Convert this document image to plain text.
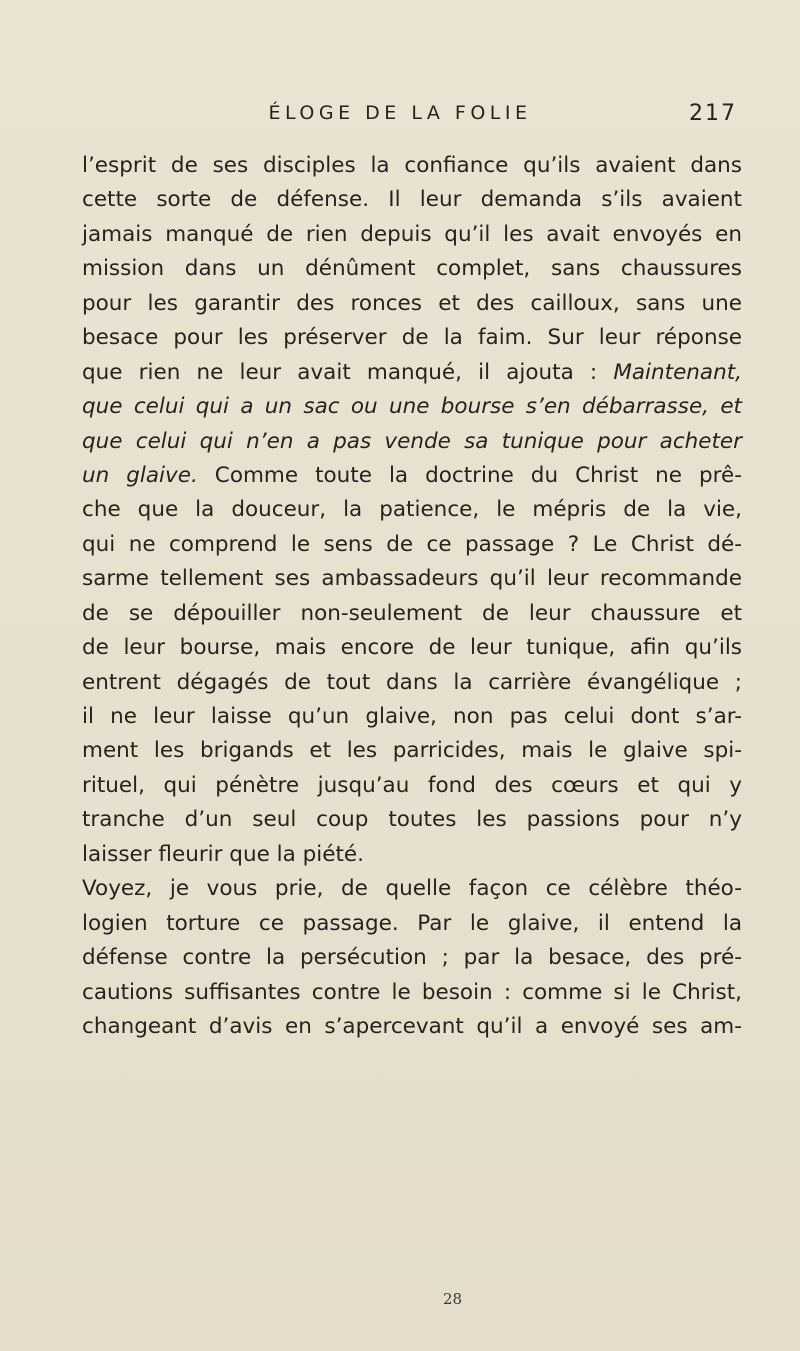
ÉLOGE DE LA FOLIE	217
l’esprit de ses disciples la confiance qu’ils avaient dans
cette sorte de défense. Il leur demanda s’ils avaient
jamais manqué de rien depuis qu’il les avait envoyés en
mission dans un dénûment complet, sans chaussures
pour les garantir des ronces et des cailloux, sans une
besace pour les préserver de la faim. Sur leur réponse
que rien ne leur avait manqué, il ajouta : Maintenant,
que celui qui a un sac ou une bourse s’en débarrasse, et
que celui qui n’en a pas vende sa tunique pour acheter
un glaive. Comme toute la doctrine du Christ ne prê-
che que la douceur, la patience, le mépris de la vie,
qui ne comprend le sens de ce passage ? Le Christ dé-
sarme tellement ses ambassadeurs qu’il leur recommande
de se dépouiller non-seulement de leur chaussure et
de leur bourse, mais encore de leur tunique, afin qu’ils
entrent dégagés de tout dans la carrière évangélique ;
il ne leur laisse qu’un glaive, non pas celui dont s’ar-
ment les brigands et les parricides, mais le glaive spi-
rituel, qui pénètre jusqu’au fond des cœurs et qui y
tranche d’un seul coup toutes les passions pour n’y
laisser fleurir que la piété.
Voyez, je vous prie, de quelle façon ce célèbre théo-
logien torture ce passage. Par le glaive, il entend la
défense contre la persécution ; par la besace, des pré-
cautions suffisantes contre le besoin : comme si le Christ,
changeant d’avis en s’apercevant qu’il a envoyé ses am-
28
